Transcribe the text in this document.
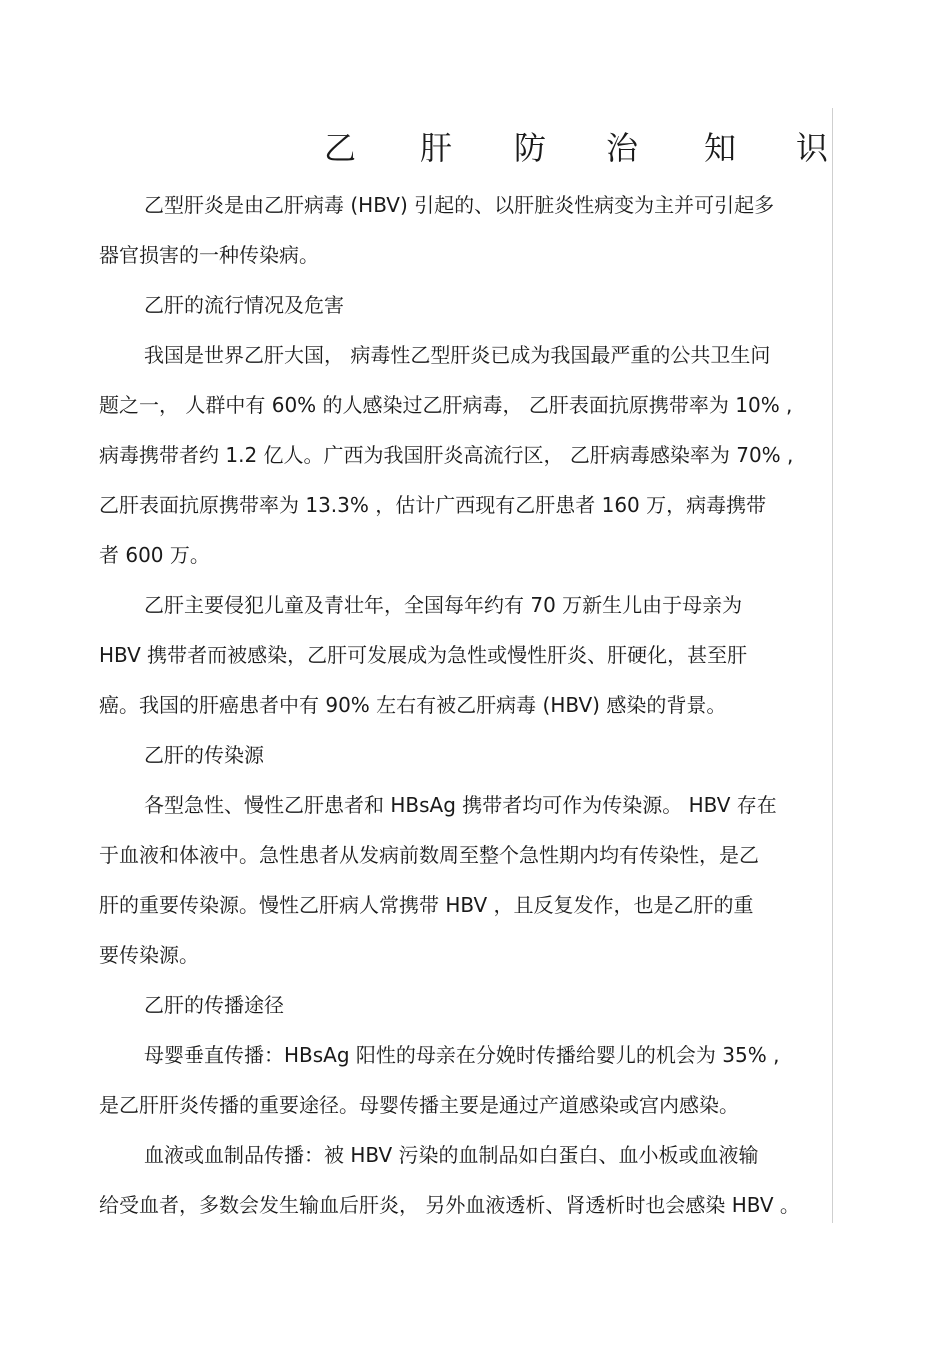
乙 肝 防 治 知 识
乙型肝炎是由乙肝病毒 (HBV) 引起的、以肝脏炎性病变为主并可引起多
器官损害的一种传染病。
乙肝的流行情况及危害
我国是世界乙肝大国， 病毒性乙型肝炎已成为我国最严重的公共卫生问
题之一， 人群中有 60% 的人感染过乙肝病毒， 乙肝表面抗原携带率为 10% ,
病毒携带者约 1.2 亿人。广西为我国肝炎高流行区， 乙肝病毒感染率为 70% ,
乙肝表面抗原携带率为 13.3% ，估计广西现有乙肝患者 160 万，病毒携带
者 600 万。
乙肝主要侵犯儿童及青壮年，全国每年约有 70 万新生儿由于母亲为
HBV 携带者而被感染，乙肝可发展成为急性或慢性肝炎、肝硬化，甚至肝
癌。我国的肝癌患者中有 90% 左右有被乙肝病毒 (HBV) 感染的背景。
乙肝的传染源
各型急性、慢性乙肝患者和 HBsAg 携带者均可作为传染源。 HBV 存在
于血液和体液中。急性患者从发病前数周至整个急性期内均有传染性，是乙
肝的重要传染源。慢性乙肝病人常携带 HBV ，且反复发作，也是乙肝的重
要传染源。
乙肝的传播途径
母婴垂直传播：HBsAg 阳性的母亲在分娩时传播给婴儿的机会为 35% ,
是乙肝肝炎传播的重要途径。母婴传播主要是通过产道感染或宫内感染。
血液或血制品传播：被 HBV 污染的血制品如白蛋白、血小板或血液输
给受血者，多数会发生输血后肝炎， 另外血液透析、肾透析时也会感染 HBV 。
